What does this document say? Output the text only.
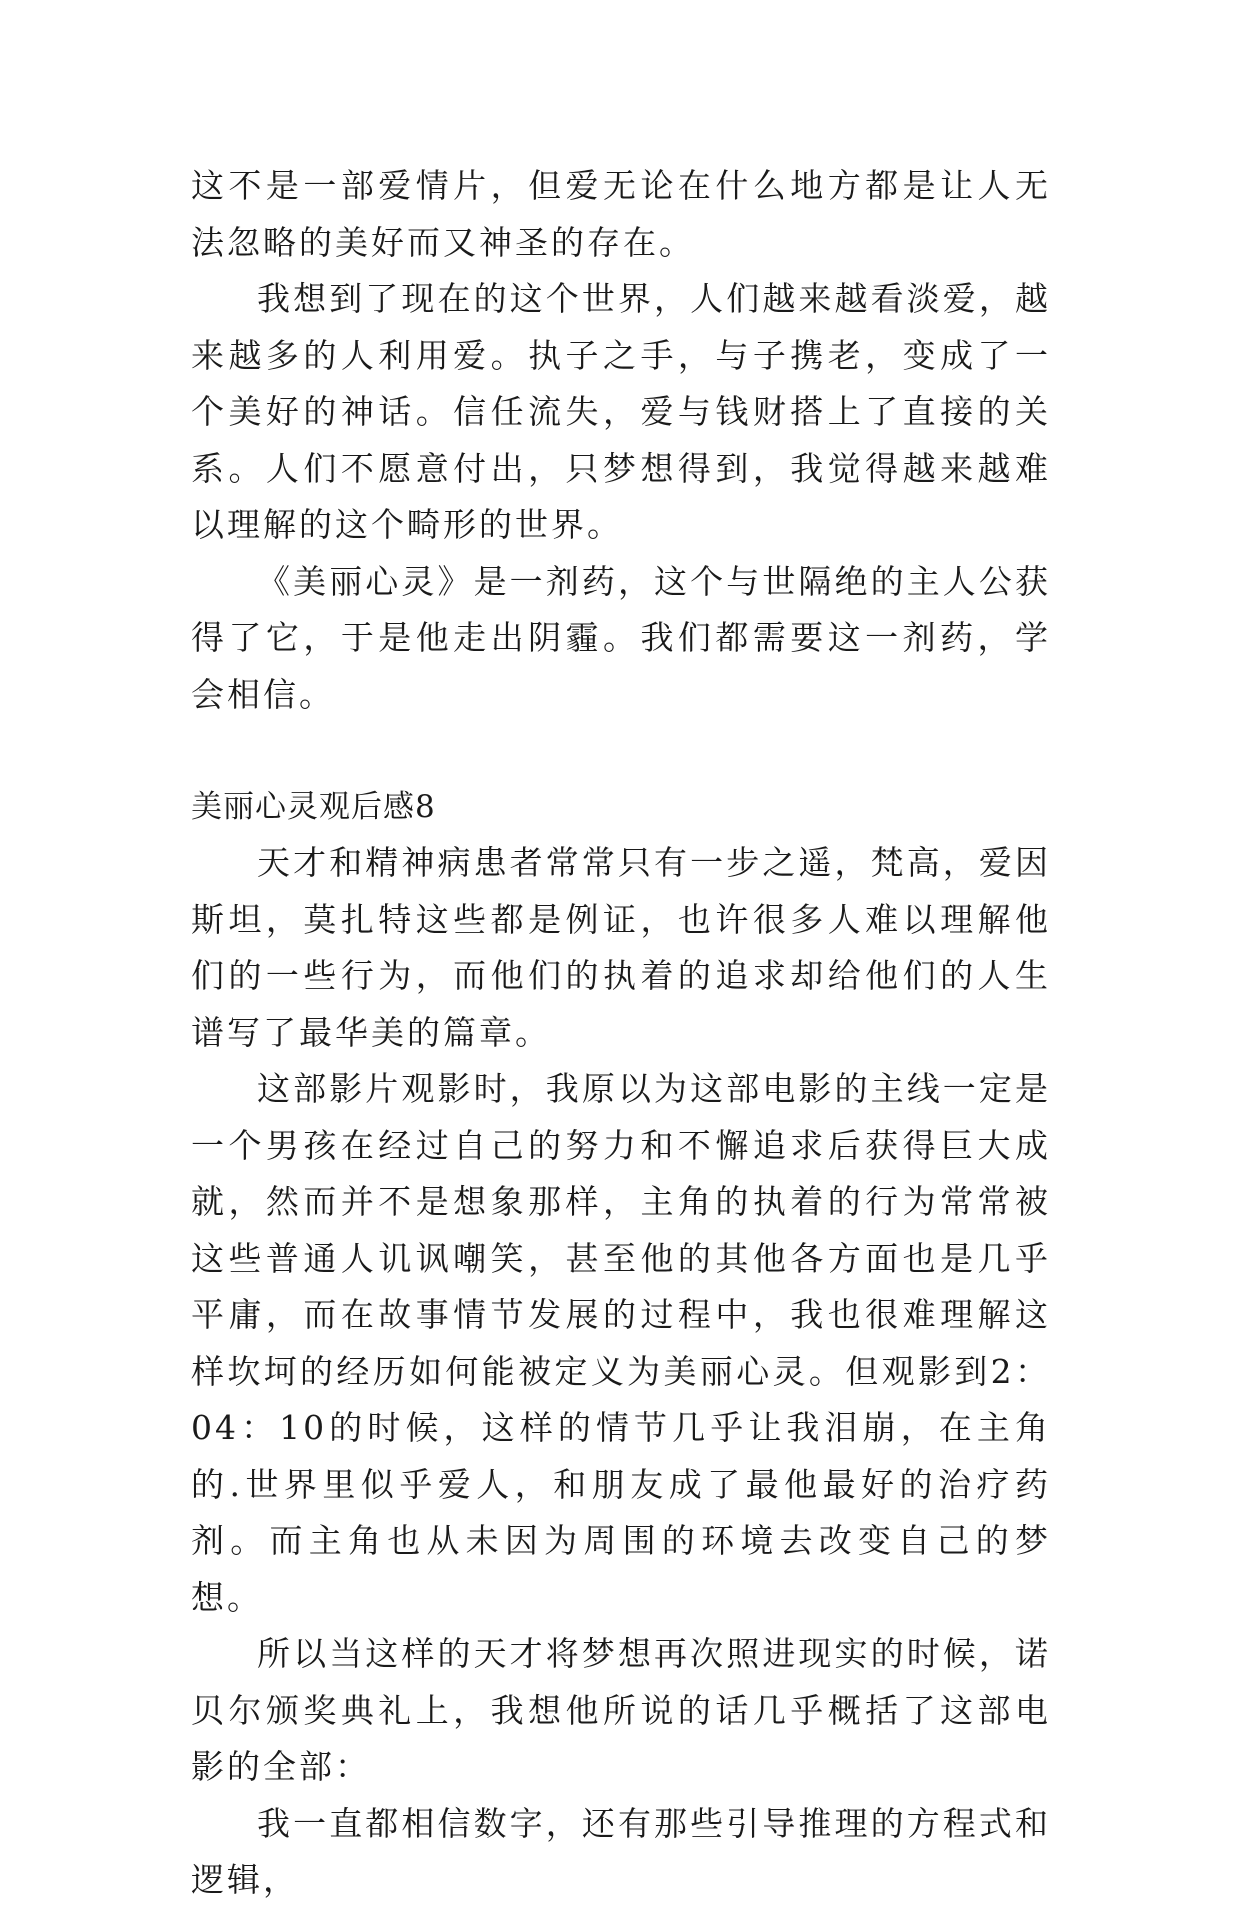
这不是一部爱情片，但爱无论在什么地方都是让人无法忽略的美好而又神圣的存在。

我想到了现在的这个世界，人们越来越看淡爱，越来越多的人利用爱。执子之手，与子携老，变成了一个美好的神话。信任流失，爱与钱财搭上了直接的关系。人们不愿意付出，只梦想得到，我觉得越来越难以理解的这个畸形的世界。

《美丽心灵》是一剂药，这个与世隔绝的主人公获得了它，于是他走出阴霾。我们都需要这一剂药，学会相信。

美丽心灵观后感8

天才和精神病患者常常只有一步之遥，梵高，爱因斯坦，莫扎特这些都是例证，也许很多人难以理解他们的一些行为，而他们的执着的追求却给他们的人生谱写了最华美的篇章。

这部影片观影时，我原以为这部电影的主线一定是一个男孩在经过自己的努力和不懈追求后获得巨大成就，然而并不是想象那样，主角的执着的行为常常被这些普通人讥讽嘲笑，甚至他的其他各方面也是几乎平庸，而在故事情节发展的过程中，我也很难理解这样坎坷的经历如何能被定义为美丽心灵。但观影到2：04：10的时候，这样的情节几乎让我泪崩，在主角的.世界里似乎爱人，和朋友成了最他最好的治疗药剂。而主角也从未因为周围的环境去改变自己的梦想。

所以当这样的天才将梦想再次照进现实的时候，诺贝尔颁奖典礼上，我想他所说的话几乎概括了这部电影的全部：

我一直都相信数字，还有那些引导推理的方程式和逻辑，
